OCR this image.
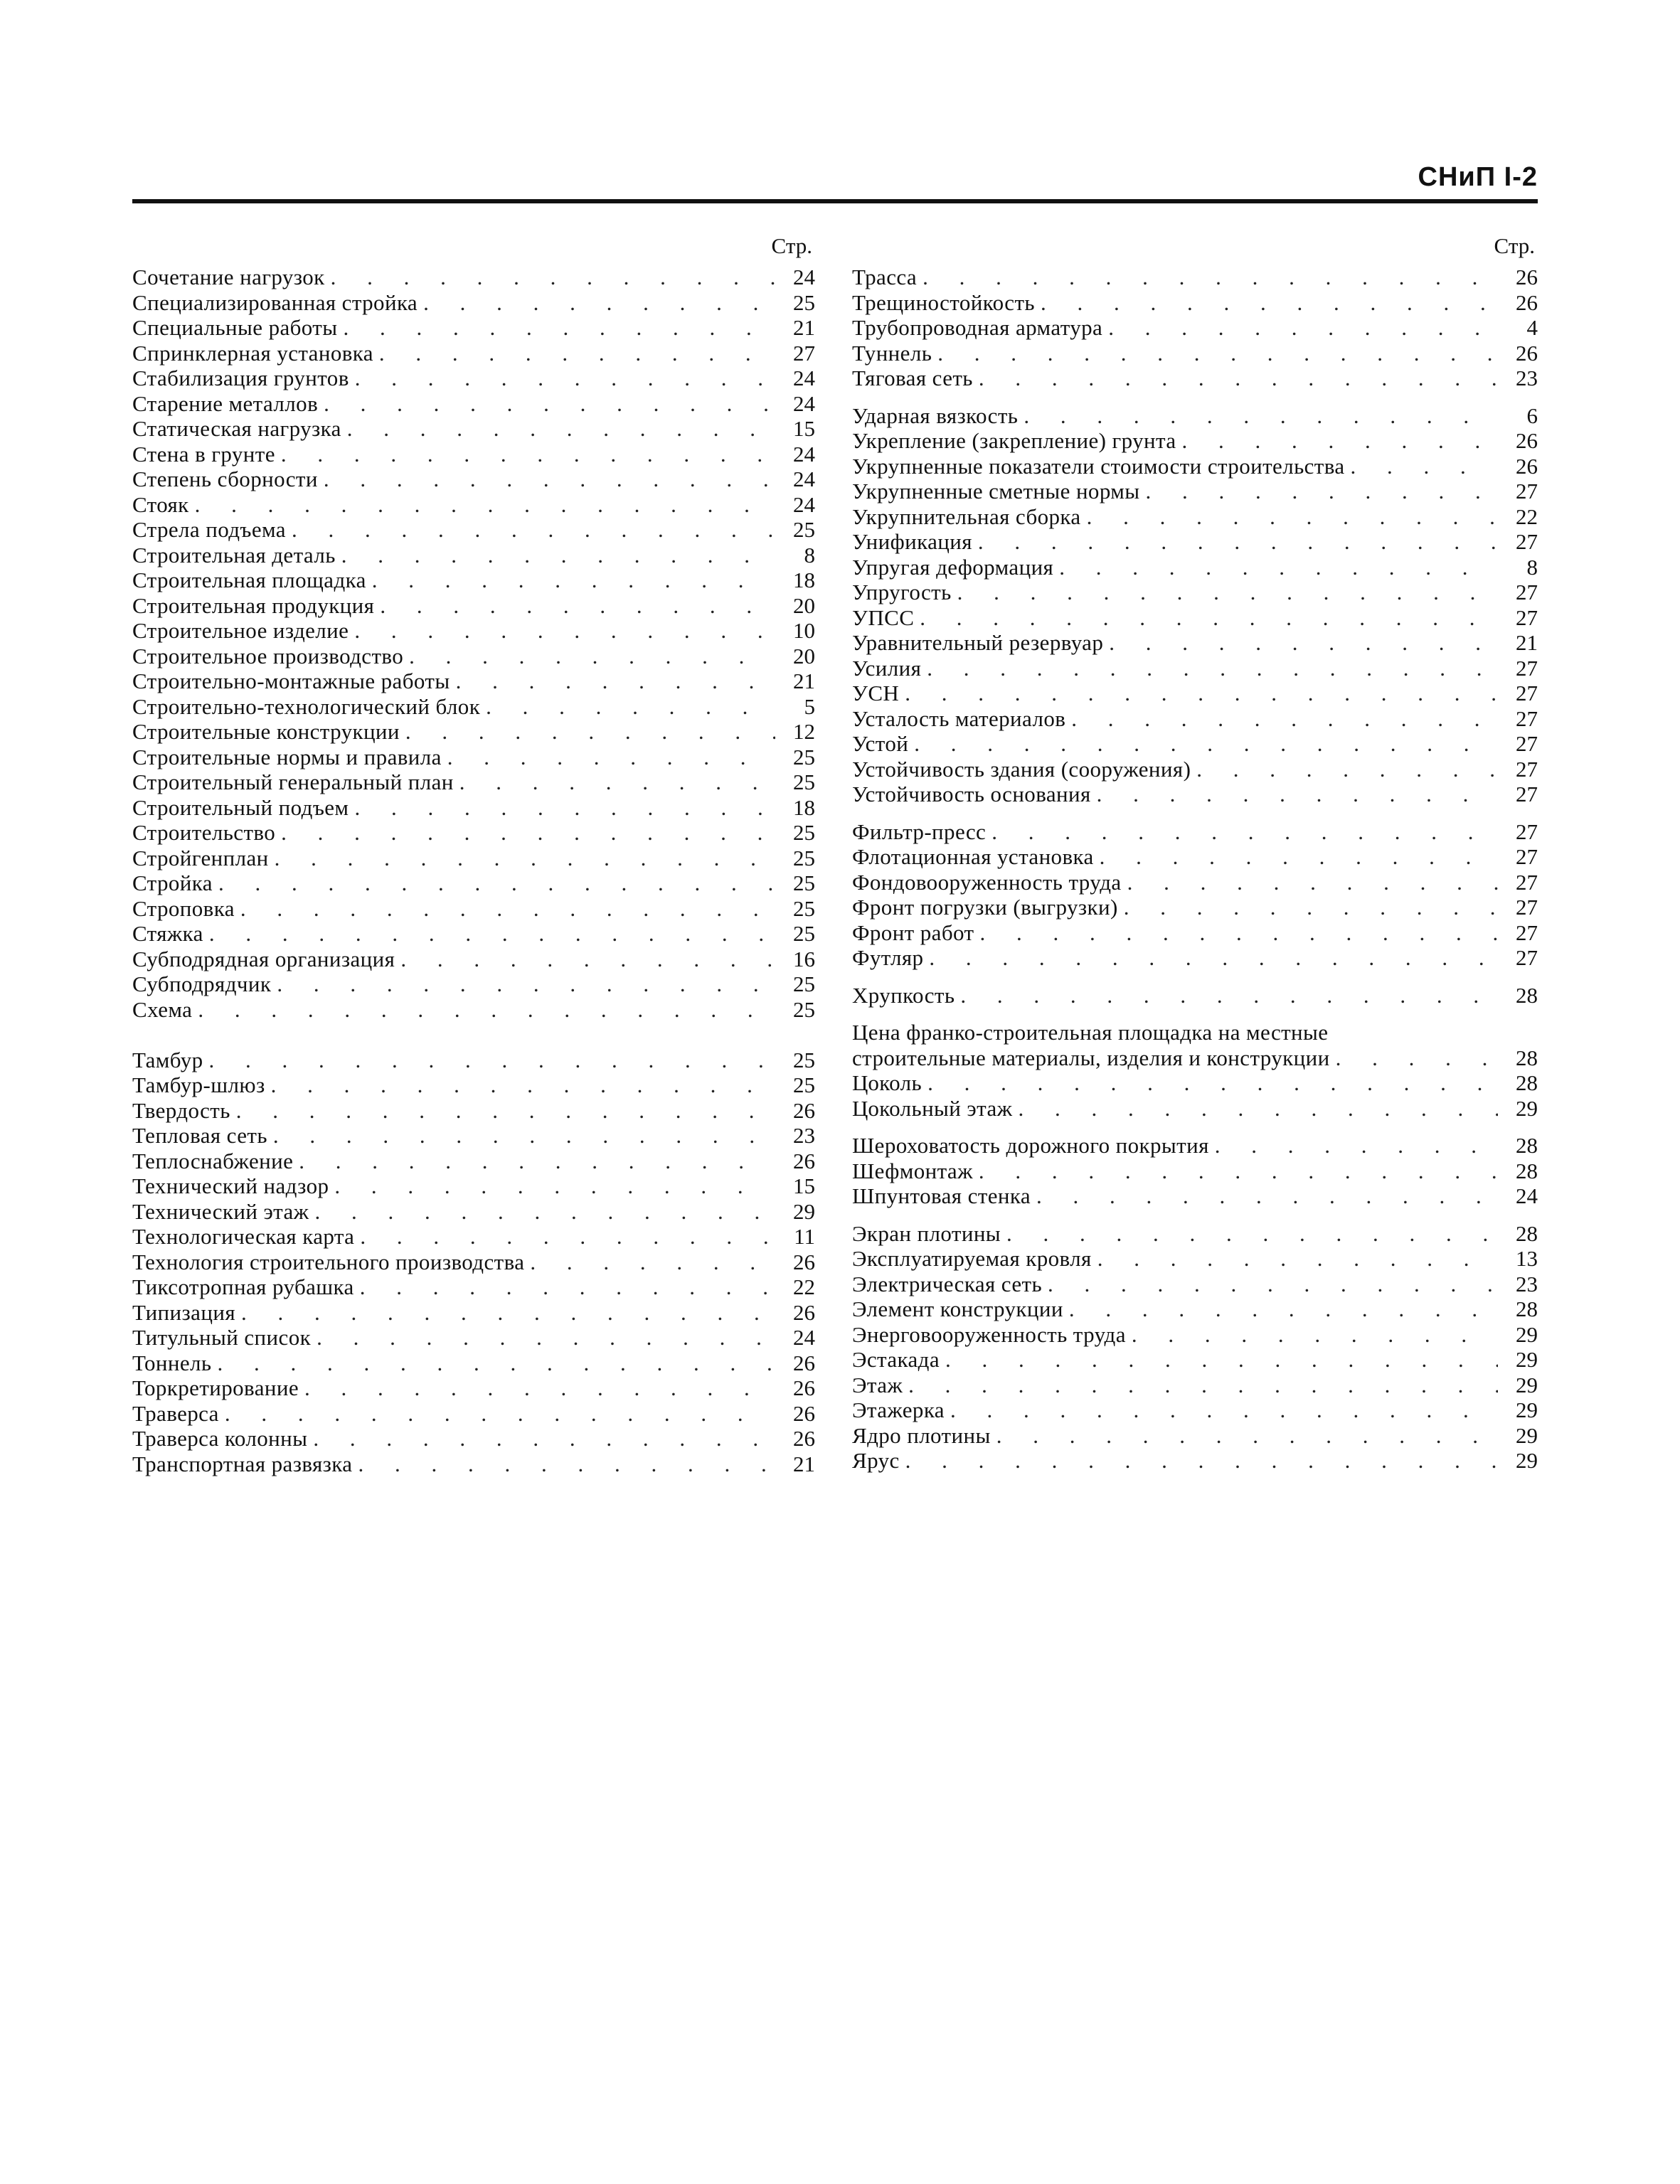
СНиП I-2
Стр.
Сочетание нагрузок . . .	24
Специализированная стройка . . .	25
Специальные работы . . .	21
Спринклерная установка . . .	27
Стабилизация грунтов . . .	24
Старение металлов . . .	24
Статическая нагрузка . . .	15
Стена в грунте . . .	24
Степень сборности . . .	24
Стояк . . .	24
Стрела подъема . . .	25
Строительная деталь . . .	8
Строительная площадка . . .	18
Строительная продукция . . .	20
Строительное изделие . . .	10
Строительное производство . . .	20
Строительно-монтажные работы . . .	21
Строительно-технологический блок . . .	5
Строительные конструкции . . .	12
Строительные нормы и правила . . .	25
Строительный генеральный план . . .	25
Строительный подъем . . .	18
Строительство . . .	25
Стройгенплан . . .	25
Стройка . . .	25
Строповка . . .	25
Стяжка . . .	25
Субподрядная организация . . .	16
Субподрядчик . . .	25
Схема . . .	25
Тамбур . . .	25
Тамбур-шлюз . . .	25
Твердость . . .	26
Тепловая сеть . . .	23
Теплоснабжение . . .	26
Технический надзор . . .	15
Технический этаж . . .	29
Технологическая карта . . .	11
Технология строительного производства . . .	26
Тиксотропная рубашка . . .	22
Типизация . . .	26
Титульный список . . .	24
Тоннель . . .	26
Торкретирование . . .	26
Траверса . . .	26
Траверса колонны . . .	26
Транспортная развязка . . .	21
Стр.
Трасса . . .	26
Трещиностойкость . . .	26
Трубопроводная арматура . . .	4
Туннель . . .	26
Тяговая сеть . . .	23
Ударная вязкость . . .	6
Укрепление (закрепление) грунта . . .	26
Укрупненные показатели стоимости строительства . . .	26
Укрупненные сметные нормы . . .	27
Укрупнительная сборка . . .	22
Унификация . . .	27
Упругая деформация . . .	8
Упругость . . .	27
УПСС . . .	27
Уравнительный резервуар . . .	21
Усилия . . .	27
УСН . . .	27
Усталость материалов . . .	27
Устой . . .	27
Устойчивость здания (сооружения) . . .	27
Устойчивость основания . . .	27
Фильтр-пресс . . .	27
Флотационная установка . . .	27
Фондовооруженность труда . . .	27
Фронт погрузки (выгрузки) . . .	27
Фронт работ . . .	27
Футляр . . .	27
Хрупкость . . .	28
Цена франко-строительная площадка на местные
строительные материалы, изделия и конструкции . . .	28
Цоколь . . .	28
Цокольный этаж . . .	29
Шероховатость дорожного покрытия . . .	28
Шефмонтаж . . .	28
Шпунтовая стенка . . .	24
Экран плотины . . .	28
Эксплуатируемая кровля . . .	13
Электрическая сеть . . .	23
Элемент конструкции . . .	28
Энерговооруженность труда . . .	29
Эстакада . . .	29
Этаж . . .	29
Этажерка . . .	29
Ядро плотины . . .	29
Ярус . . .	29
